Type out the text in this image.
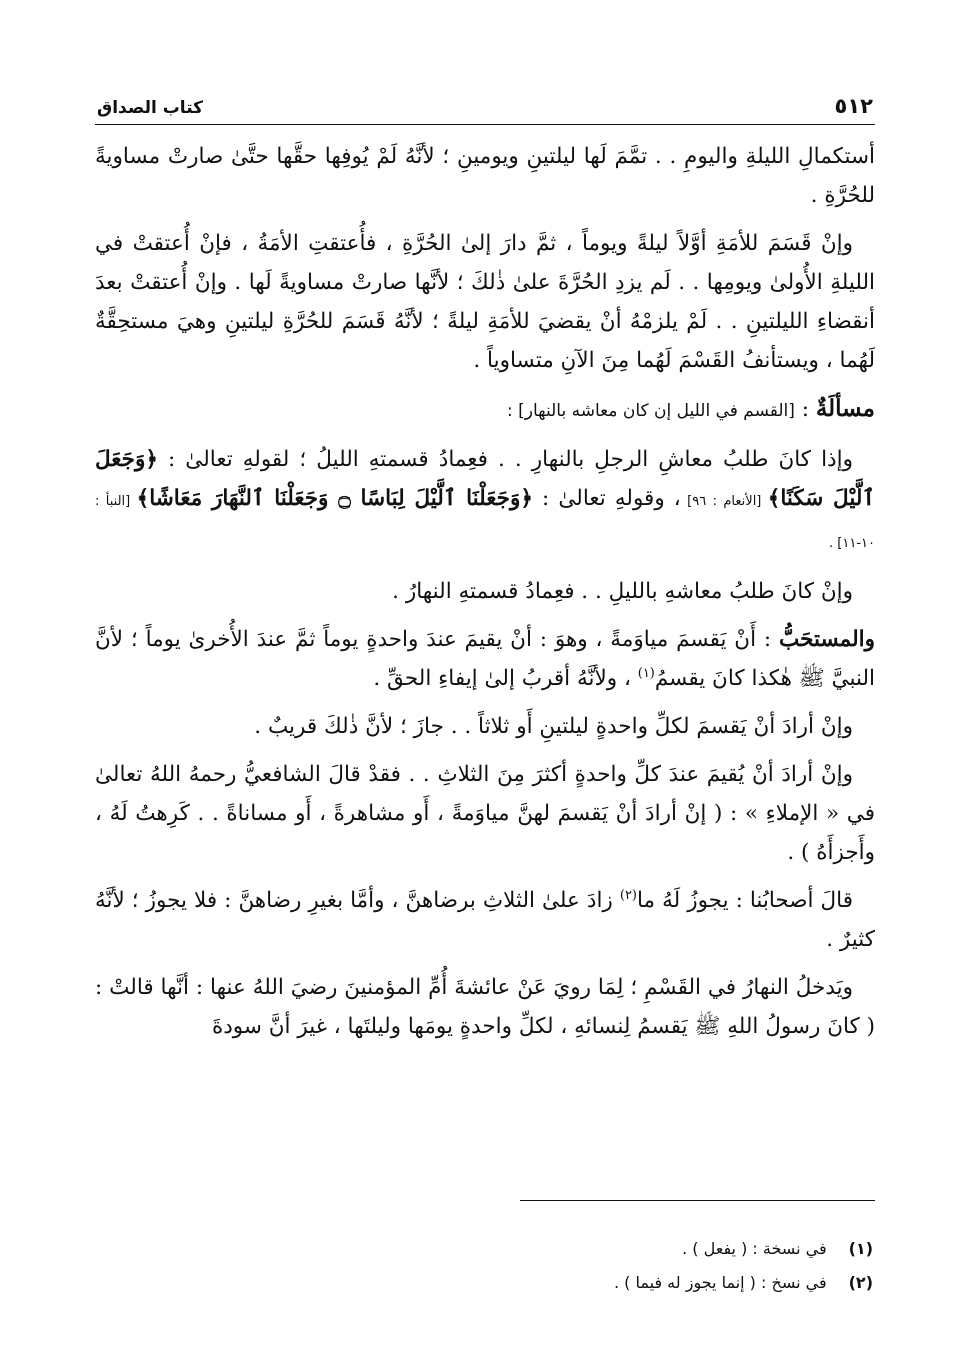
٥١٢
كتاب الصداق

أستكمالِ الليلةِ واليومِ . . تمَّمَ لَها ليلتينِ ويومينِ ؛ لأنَّهُ لَمْ يُوفِها حقَّها حتَّىٰ صارتْ مساويةً للحُرَّةِ .

وإنْ قَسَمَ للأمَةِ أوَّلاً ليلةً ويوماً ، ثمَّ دارَ إلىٰ الحُرَّةِ ، فأُعتقتِ الأمَةُ ، فإنْ أُعتقتْ في الليلةِ الأُولىٰ ويومِها . . لَم يزدِ الحُرَّةَ علىٰ ذٰلكَ ؛ لأنَّها صارتْ مساويةً لَها . وإنْ أُعتقتْ بعدَ أنقضاءِ الليلتينِ . . لَمْ يلزمْهُ أنْ يقضيَ للأمَةِ ليلةً ؛ لأنَّهُ قَسَمَ للحُرَّةِ ليلتينِ وهيَ مستحِقَّةٌ لَهُما ، ويستأنفُ القَسْمَ لَهُما مِنَ الآنِ متساوياً .

مسألَةٌ : [القسم في الليل إن كان معاشه بالنهار] :

وإذا كانَ طلبُ معاشِ الرجلِ بالنهارِ . . فعِمادُ قسمتهِ الليلُ ؛ لقولهِ تعالىٰ : ﴿وَجَعَلَ ٱلَّيْلَ سَكَنًا﴾ [الأنعام : ٩٦] ، وقولهِ تعالىٰ : ﴿وَجَعَلْنَا ٱلَّيْلَ لِبَاسًا ۝ وَجَعَلْنَا ٱلنَّهَارَ مَعَاشًا﴾ [النبأ : ١٠-١١] .

وإنْ كانَ طلبُ معاشهِ بالليلِ . . فعِمادُ قسمتهِ النهارُ .

والمستحَبُّ : أَنْ يَقسمَ مياوَمةً ، وهوَ : أنْ يقيمَ عندَ واحدةٍ يوماً ثمَّ عندَ الأُخرىٰ يوماً ؛ لأنَّ النبيَّ ﷺ هٰكذا كانَ يقسمُ$^{(١)}$ ، ولأنَّهُ أقربُ إلىٰ إيفاءِ الحقِّ .

وإنْ أرادَ أنْ يَقسمَ لكلِّ واحدةٍ ليلتينِ أَو ثلاثاً . . جازَ ؛ لأنَّ ذٰلكَ قريبٌ .

وإنْ أرادَ أنْ يُقيمَ عندَ كلِّ واحدةٍ أكثرَ مِنَ الثلاثِ . . فقدْ قالَ الشافعيُّ رحمهُ اللهُ تعالىٰ في « الإملاءِ » : ( إنْ أرادَ أنْ يَقسمَ لهنَّ مياوَمةً ، أَو مشاهرةً ، أَو مساناةً . . كَرِهتُ لَهُ ، وأَجزأَهُ ) .

قالَ أصحابُنا : يجوزُ لَهُ ما$^{(٢)}$ زادَ علىٰ الثلاثِ برضاهنَّ ، وأمَّا بغيرِ رضاهنَّ : فلا يجوزُ ؛ لأنَّهُ كثيرٌ .

ويَدخلُ النهارُ في القَسْمِ ؛ لِمَا رويَ عَنْ عائشةَ أُمِّ المؤمنينَ رضيَ اللهُ عنها : أنَّها قالتْ : ( كانَ رسولُ اللهِ ﷺ يَقسمُ لِنسائهِ ، لكلِّ واحدةٍ يومَها وليلتَها ، غيرَ أنَّ سودةَ

(١)
في نسخة : ( يفعل ) .
(٢)
في نسخ : ( إنما يجوز له فيما ) .
